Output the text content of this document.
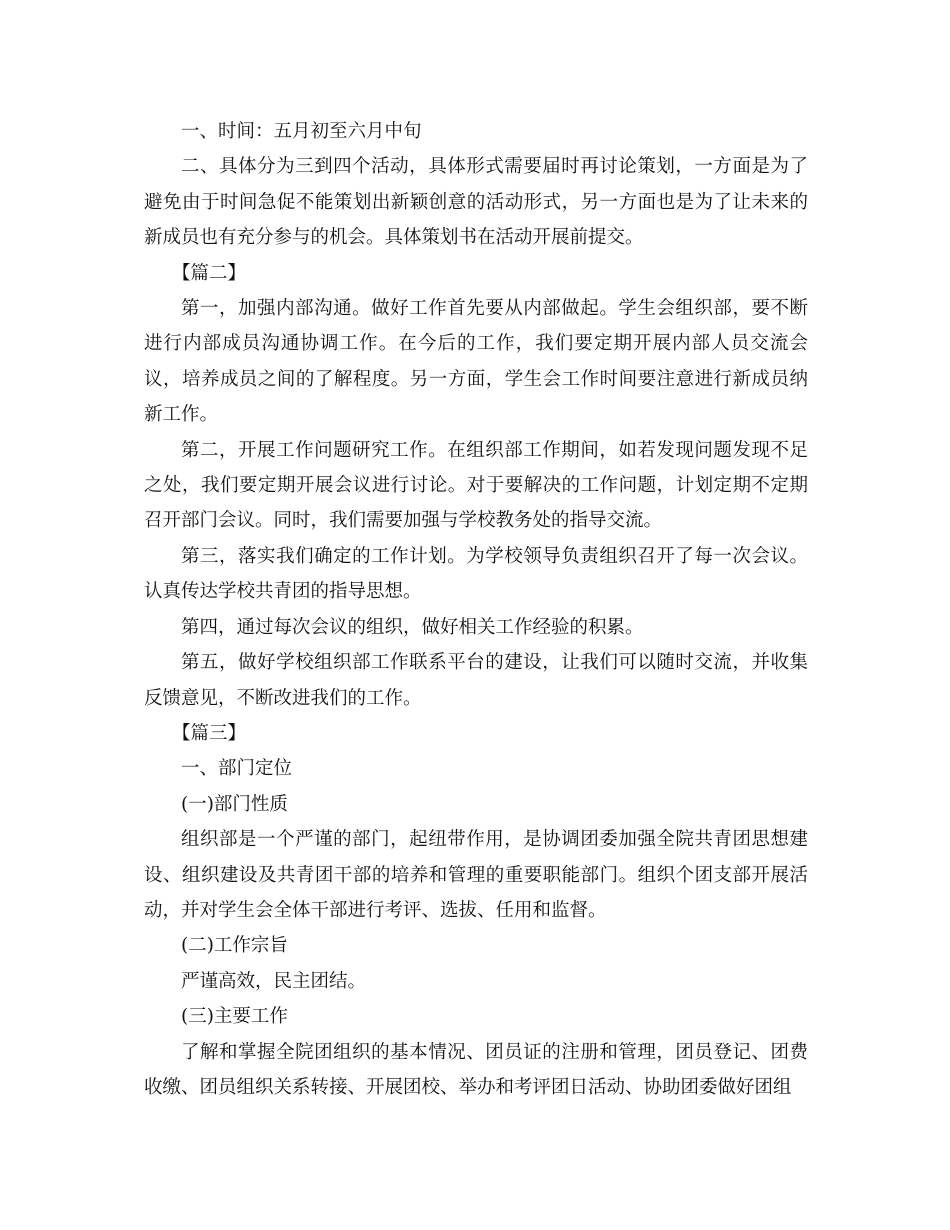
一、时间：五月初至六月中旬

二、具体分为三到四个活动，具体形式需要届时再讨论策划，一方面是为了避免由于时间急促不能策划出新颖创意的活动形式，另一方面也是为了让未来的新成员也有充分参与的机会。具体策划书在活动开展前提交。

【篇二】

第一，加强内部沟通。做好工作首先要从内部做起。学生会组织部，要不断进行内部成员沟通协调工作。在今后的工作，我们要定期开展内部人员交流会议，培养成员之间的了解程度。另一方面，学生会工作时间要注意进行新成员纳新工作。

第二，开展工作问题研究工作。在组织部工作期间，如若发现问题发现不足之处，我们要定期开展会议进行讨论。对于要解决的工作问题，计划定期不定期召开部门会议。同时，我们需要加强与学校教务处的指导交流。

第三，落实我们确定的工作计划。为学校领导负责组织召开了每一次会议。认真传达学校共青团的指导思想。

第四，通过每次会议的组织，做好相关工作经验的积累。

第五，做好学校组织部工作联系平台的建设，让我们可以随时交流，并收集反馈意见，不断改进我们的工作。

【篇三】

一、部门定位

(一)部门性质

组织部是一个严谨的部门，起纽带作用，是协调团委加强全院共青团思想建设、组织建设及共青团干部的培养和管理的重要职能部门。组织个团支部开展活动，并对学生会全体干部进行考评、选拔、任用和监督。

(二)工作宗旨

严谨高效，民主团结。

(三)主要工作

了解和掌握全院团组织的基本情况、团员证的注册和管理，团员登记、团费收缴、团员组织关系转接、开展团校、举办和考评团日活动、协助团委做好团组
